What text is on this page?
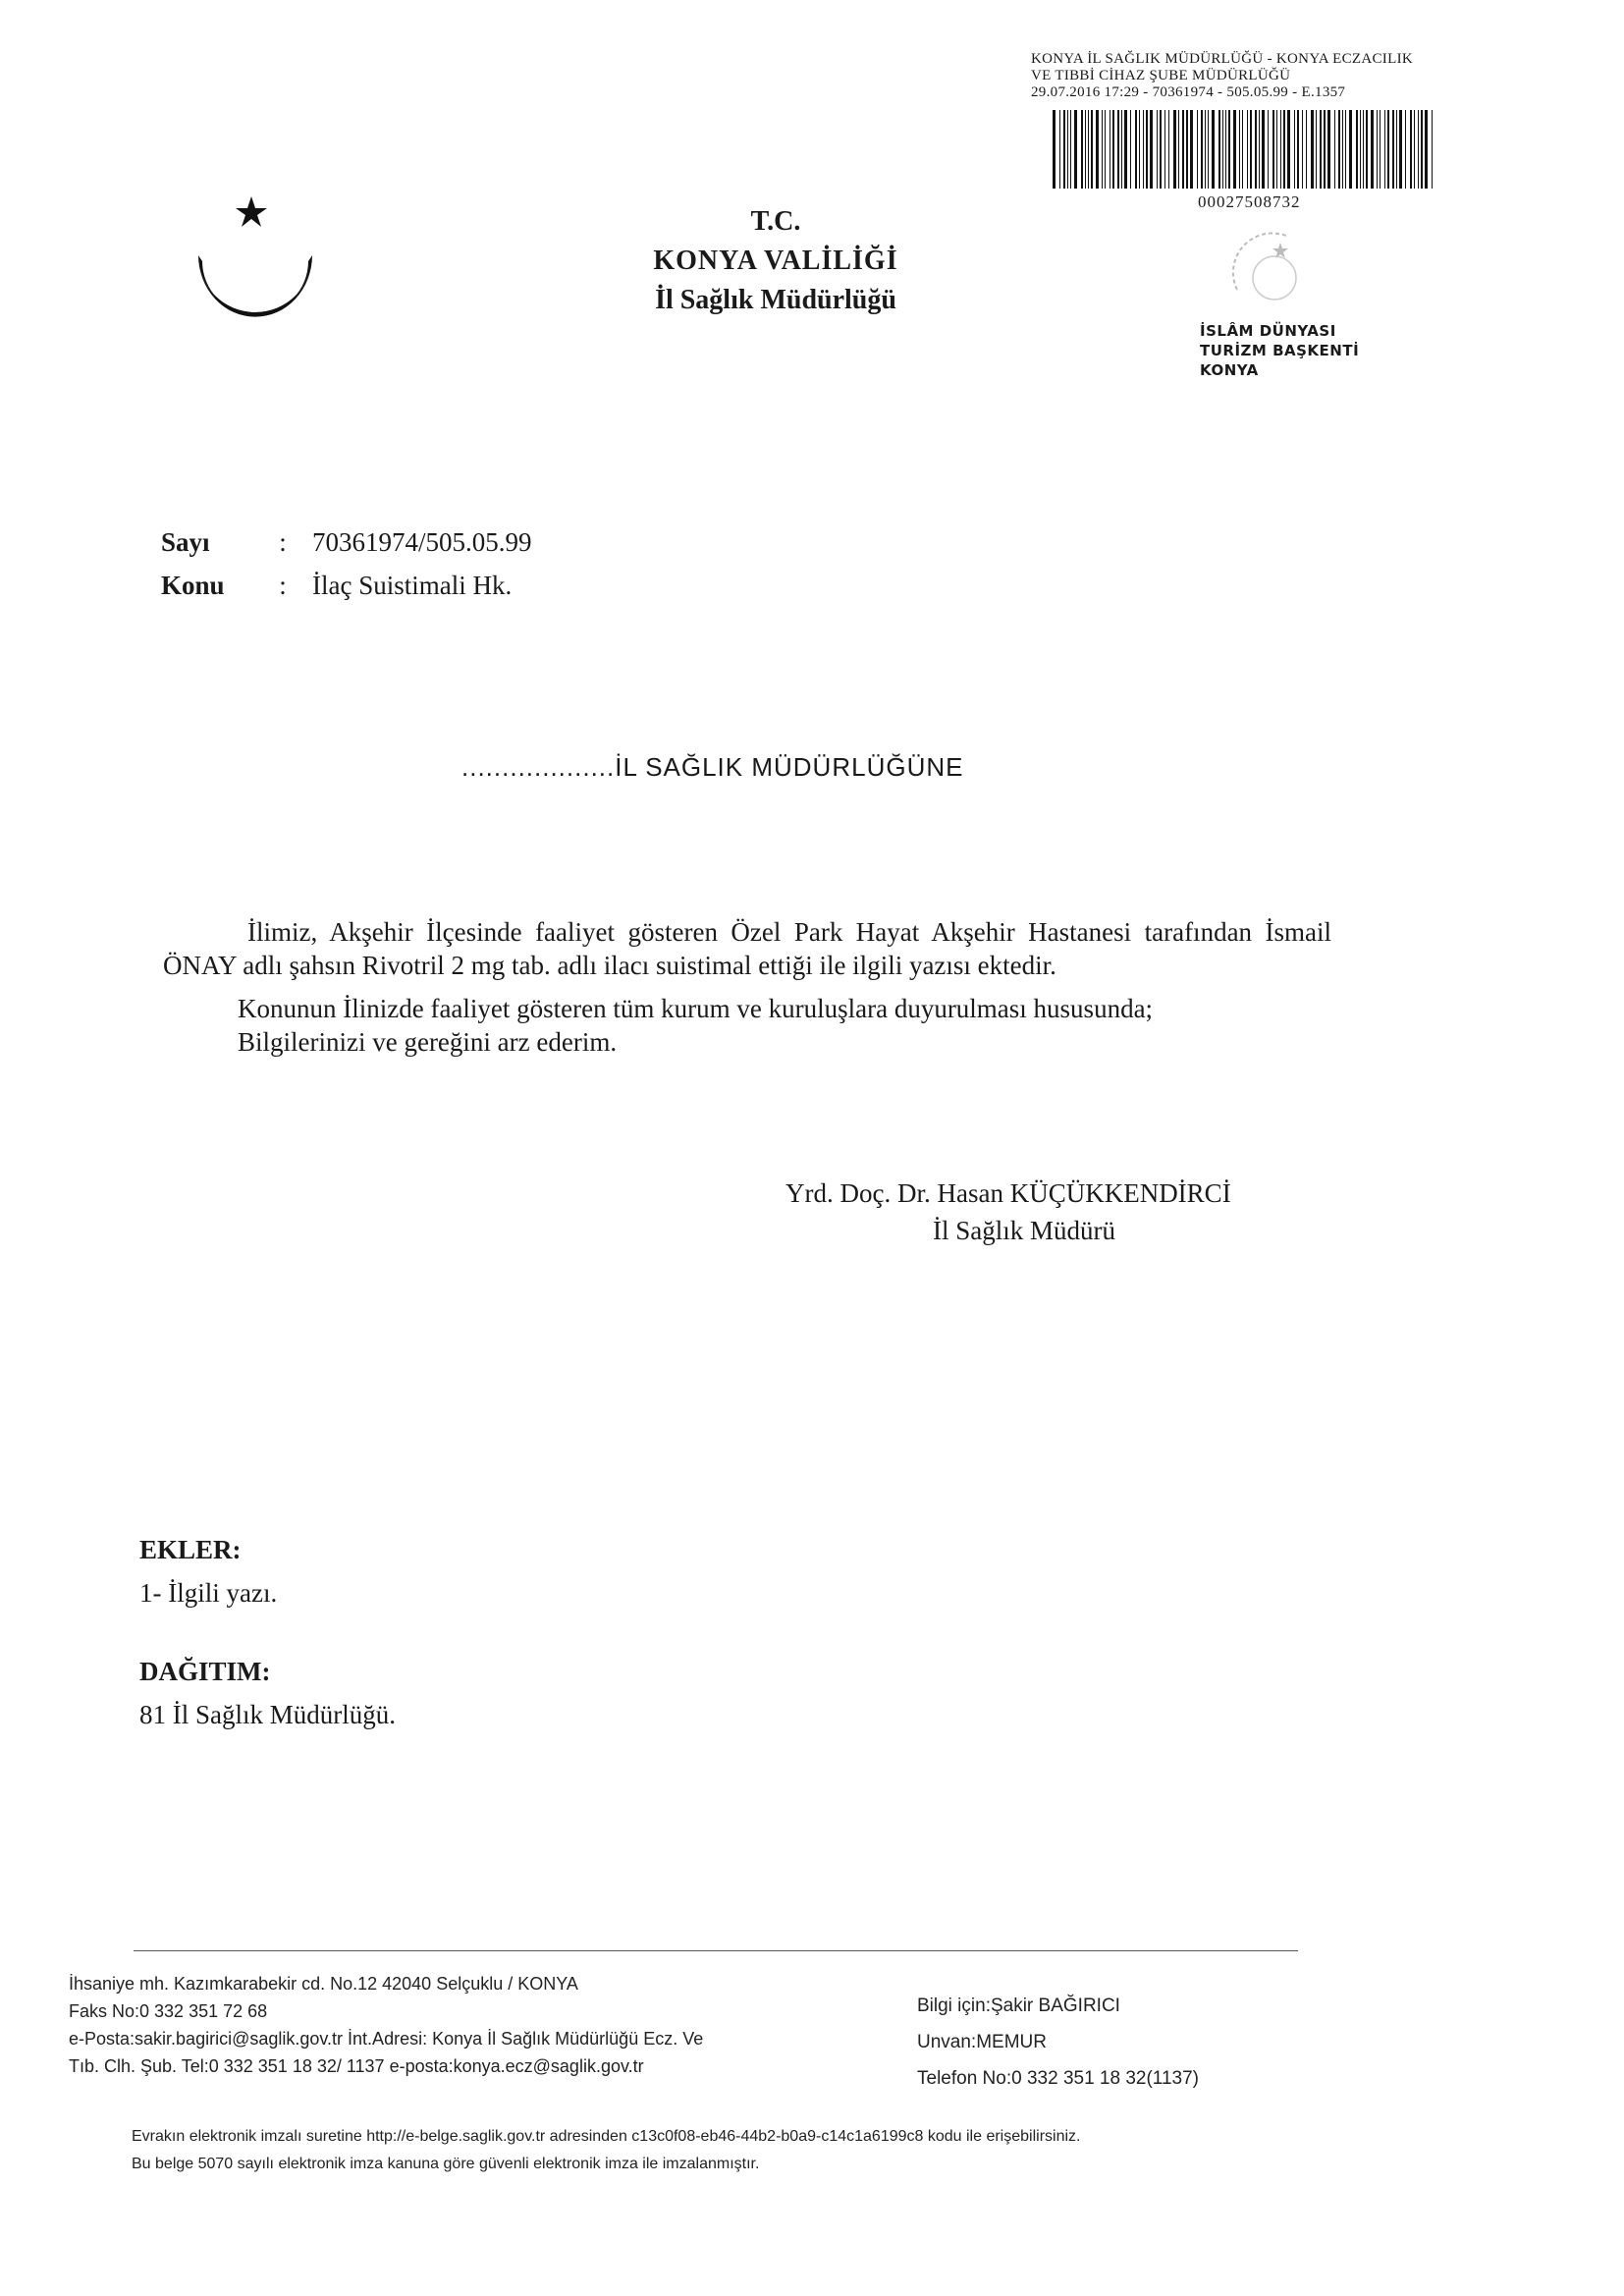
KONYA İL SAĞLIK MÜDÜRLÜĞÜ - KONYA ECZACILIK
VE TIBBİ CİHAZ ŞUBE MÜDÜRLÜĞÜ
29.07.2016 17:29 - 70361974 - 505.05.99 - E.1357
00027508732
T.C.
KONYA VALİLİĞİ
İl Sağlık Müdürlüğü
İSLÂM DÜNYASI
TURİZM BAŞKENTİ
KONYA
Sayı	: 70361974/505.05.99
Konu	: İlaç Suistimali Hk.
...................İL SAĞLIK MÜDÜRLÜĞÜNE

İlimiz, Akşehir İlçesinde faaliyet gösteren Özel Park Hayat Akşehir Hastanesi tarafından İsmail ÖNAY adlı şahsın Rivotril 2 mg tab. adlı ilacı suistimal ettiği ile ilgili yazısı ektedir.

Konunun İlinizde faaliyet gösteren tüm kurum ve kuruluşlara duyurulması hususunda;

Bilgilerinizi ve gereğini arz ederim.

Yrd. Doç. Dr. Hasan KÜÇÜKKENDİRCİ
İl Sağlık Müdürü
EKLER:
1- İlgili yazı.
DAĞITIM:
81 İl Sağlık Müdürlüğü.
İhsaniye mh. Kazımkarabekir cd. No.12 42040 Selçuklu / KONYA
Faks No:0 332 351 72 68
e-Posta:sakir.bagirici@saglik.gov.tr İnt.Adresi: Konya İl Sağlık Müdürlüğü Ecz. Ve
Tıb. Clh. Şub. Tel:0 332 351 18 32/ 1137 e-posta:konya.ecz@saglik.gov.tr
Bilgi için:Şakir BAĞIRICI
Unvan:MEMUR
Telefon No:0 332 351 18 32(1137)
Evrakın elektronik imzalı suretine http://e-belge.saglik.gov.tr adresinden c13c0f08-eb46-44b2-b0a9-c14c1a6199c8 kodu ile erişebilirsiniz.
Bu belge 5070 sayılı elektronik imza kanuna göre güvenli elektronik imza ile imzalanmıştır.
